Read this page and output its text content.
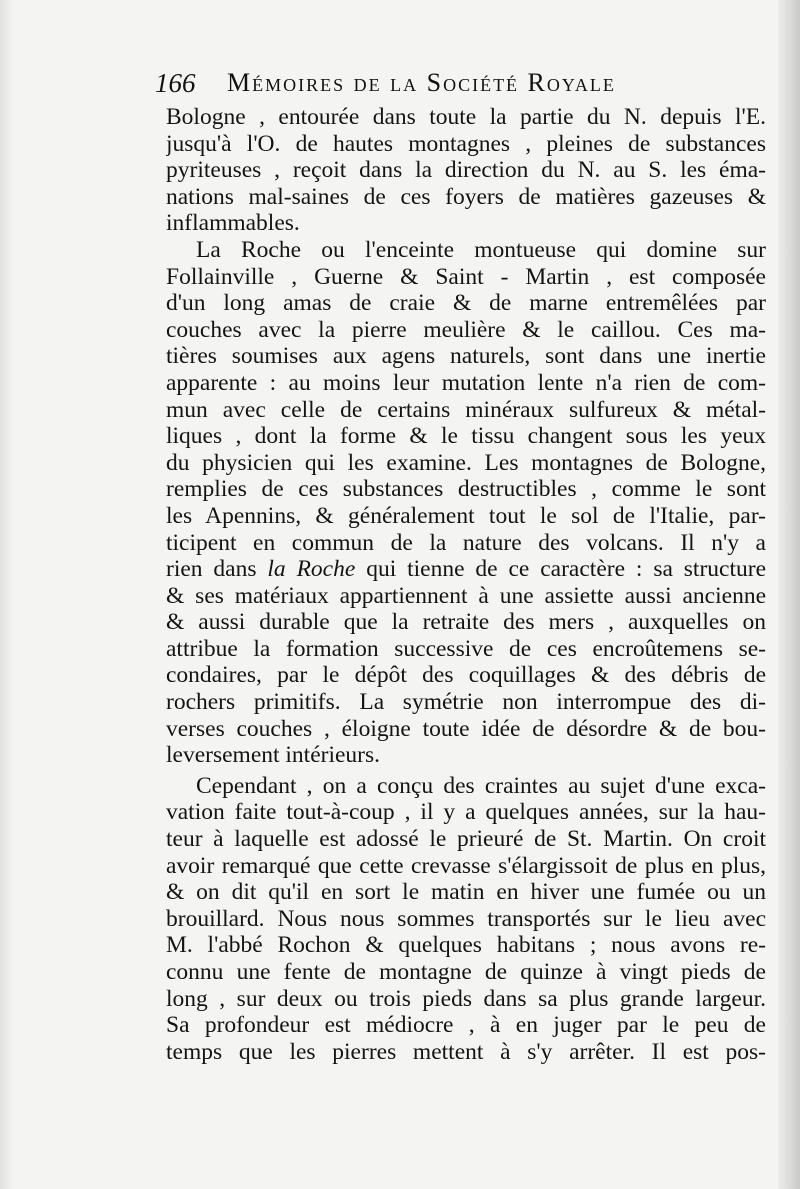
166 Mémoires de la Société Royale
Bologne , entourée dans toute la partie du N. depuis l'E.
jusqu'à l'O. de hautes montagnes , pleines de substances
pyriteuses , reçoit dans la direction du N. au S. les éma-
nations mal-saines de ces foyers de matières gazeuses &
inflammables.
La Roche ou l'enceinte montueuse qui domine sur
Follainville , Guerne & Saint - Martin , est composée
d'un long amas de craie & de marne entremêlées par
couches avec la pierre meulière & le caillou. Ces ma-
tières soumises aux agens naturels, sont dans une inertie
apparente : au moins leur mutation lente n'a rien de com-
mun avec celle de certains minéraux sulfureux & métal-
liques , dont la forme & le tissu changent sous les yeux
du physicien qui les examine. Les montagnes de Bologne,
remplies de ces substances destructibles , comme le sont
les Apennins, & généralement tout le sol de l'Italie, par-
ticipent en commun de la nature des volcans. Il n'y a
rien dans la Roche qui tienne de ce caractère : sa structure
& ses matériaux appartiennent à une assiette aussi ancienne
& aussi durable que la retraite des mers , auxquelles on
attribue la formation successive de ces encroûtemens se-
condaires, par le dépôt des coquillages & des débris de
rochers primitifs. La symétrie non interrompue des di-
verses couches , éloigne toute idée de désordre & de bou-
leversement intérieurs.
Cependant , on a conçu des craintes au sujet d'une exca-
vation faite tout-à-coup , il y a quelques années, sur la hau-
teur à laquelle est adossé le prieuré de St. Martin. On croit
avoir remarqué que cette crevasse s'élargissoit de plus en plus,
& on dit qu'il en sort le matin en hiver une fumée ou un
brouillard. Nous nous sommes transportés sur le lieu avec
M. l'abbé Rochon & quelques habitans ; nous avons re-
connu une fente de montagne de quinze à vingt pieds de
long , sur deux ou trois pieds dans sa plus grande largeur.
Sa profondeur est médiocre , à en juger par le peu de
temps que les pierres mettent à s'y arrêter. Il est pos-
